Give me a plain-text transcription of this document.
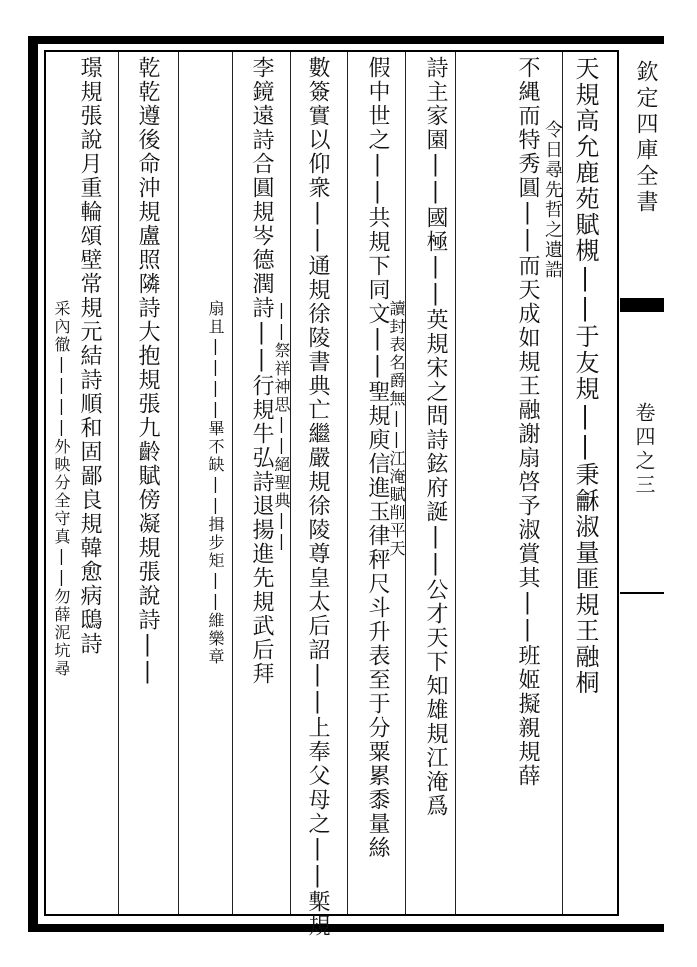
欽定四庫全書
卷四之三
天規高允鹿苑賦槻||于友規||秉龢淑量匪規王融桐
令日尋先哲之遺誥
不縄而特秀圓||而天成如規王融謝扇啓予淑賞其||班姬擬親規薛
詩主家園||國極||英規宋之問詩鉉府誕||公才天下知雄規江淹爲
假中世之||共規下同文||聖規庾信進玉律秤尺斗升表至于分粟累黍量絲
讀封表名爵無||江淹賦削平天
數簽實以仰衆||通規徐陵書典亡繼嚴規徐陵尊皇太后詔||上奉父母之||槧規
||祭祥神思||絕聖典||
李鏡遠詩合圓規岑德潤詩||行規牛弘詩退揚進先規武后拜
扇且||||畢不缺||揖步矩||維樂章
乾乾遵後命沖規盧照隣詩大抱規張九齡賦傍凝規張說詩||
璟規張說月重輪頌壁常規元結詩順和固鄙良規韓愈病鴟詩
采內徹||||外映分全守真||勿薛泥坑尋
